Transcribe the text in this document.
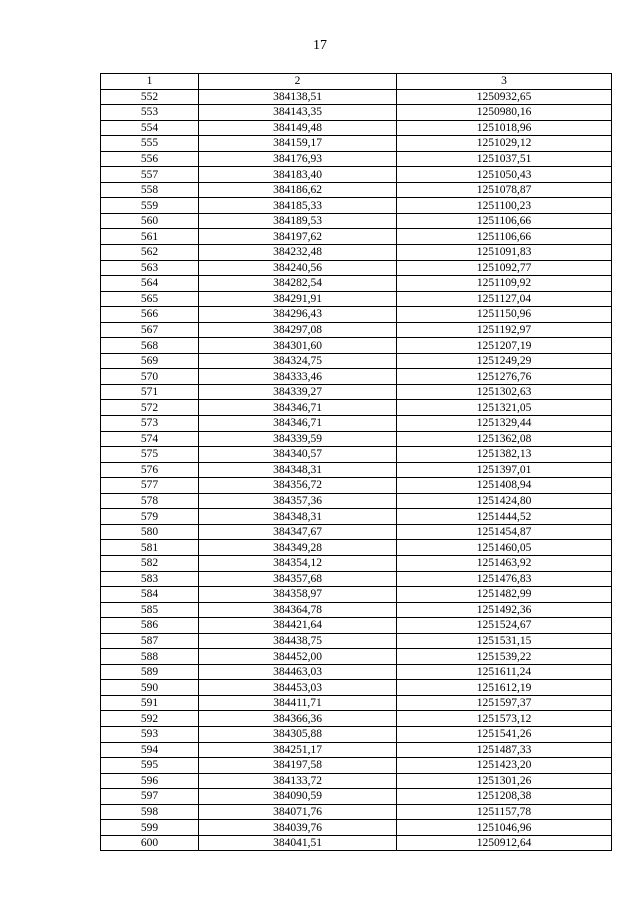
17
1	2	3
552	384138,51	1250932,65
553	384143,35	1250980,16
554	384149,48	1251018,96
555	384159,17	1251029,12
556	384176,93	1251037,51
557	384183,40	1251050,43
558	384186,62	1251078,87
559	384185,33	1251100,23
560	384189,53	1251106,66
561	384197,62	1251106,66
562	384232,48	1251091,83
563	384240,56	1251092,77
564	384282,54	1251109,92
565	384291,91	1251127,04
566	384296,43	1251150,96
567	384297,08	1251192,97
568	384301,60	1251207,19
569	384324,75	1251249,29
570	384333,46	1251276,76
571	384339,27	1251302,63
572	384346,71	1251321,05
573	384346,71	1251329,44
574	384339,59	1251362,08
575	384340,57	1251382,13
576	384348,31	1251397,01
577	384356,72	1251408,94
578	384357,36	1251424,80
579	384348,31	1251444,52
580	384347,67	1251454,87
581	384349,28	1251460,05
582	384354,12	1251463,92
583	384357,68	1251476,83
584	384358,97	1251482,99
585	384364,78	1251492,36
586	384421,64	1251524,67
587	384438,75	1251531,15
588	384452,00	1251539,22
589	384463,03	1251611,24
590	384453,03	1251612,19
591	384411,71	1251597,37
592	384366,36	1251573,12
593	384305,88	1251541,26
594	384251,17	1251487,33
595	384197,58	1251423,20
596	384133,72	1251301,26
597	384090,59	1251208,38
598	384071,76	1251157,78
599	384039,76	1251046,96
600	384041,51	1250912,64
